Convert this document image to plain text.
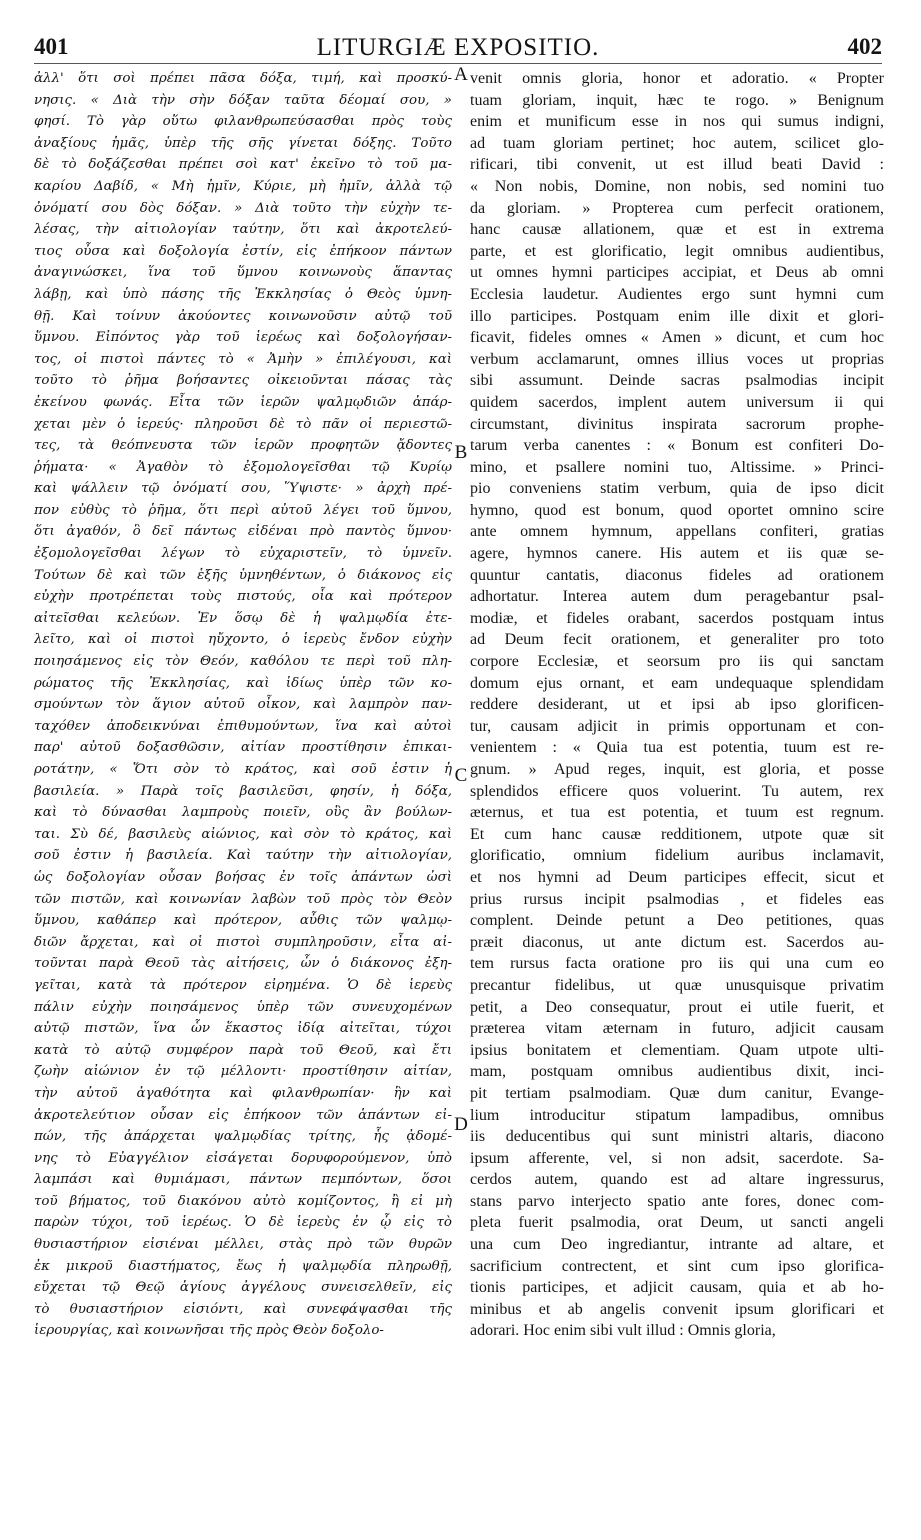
401	LITURGIÆ EXPOSITIO.	402
ἀλλ' ὅτι σοὶ πρέπει πᾶσα δόξα, τιμή, καὶ προσκύ-
νησις. « Διὰ τὴν σὴν δόξαν ταῦτα δέομαί σου, »
φησί. Τὸ γὰρ οὕτω φιλανθρωπεύσασθαι πρὸς τοὺς
ἀναξίους ἡμᾶς, ὑπὲρ τῆς σῆς γίνεται δόξης. Τοῦτο
δὲ τὸ δοξάζεσθαι πρέπει σοὶ κατ' ἐκεῖνο τὸ τοῦ μα-
καρίου Δαβίδ, « Μὴ ἡμῖν, Κύριε, μὴ ἡμῖν, ἀλλὰ τῷ
ὀνόματί σου δὸς δόξαν. » Διὰ τοῦτο τὴν εὐχὴν τε-
λέσας, τὴν αἰτιολογίαν ταύτην, ὅτι καὶ ἀκροτελεύ-
τιος οὖσα καὶ δοξολογία ἐστίν, εἰς ἐπήκοον πάντων
ἀναγινώσκει, ἵνα τοῦ ὕμνου κοινωνοὺς ἅπαντας
λάβῃ, καὶ ὑπὸ πάσης τῆς Ἐκκλησίας ὁ Θεὸς ὑμνη-
θῇ. Καὶ τοίνυν ἀκούοντες κοινωνοῦσιν αὐτῷ τοῦ
ὕμνου. Εἰπόντος γὰρ τοῦ ἱερέως καὶ δοξολογήσαν-
τος, οἱ πιστοὶ πάντες τὸ « Ἀμὴν » ἐπιλέγουσι, καὶ
τοῦτο τὸ ῥῆμα βοήσαντες οἰκειοῦνται πάσας τὰς
ἐκείνου φωνάς. Εἶτα τῶν ἱερῶν ψαλμῳδιῶν ἀπάρ-
χεται μὲν ὁ ἱερεύς· πληροῦσι δὲ τὸ πᾶν οἱ περιεστῶ-
τες, τὰ θεόπνευστα τῶν ἱερῶν προφητῶν ᾄδοντες
ῥήματα· « Ἀγαθὸν τὸ ἐξομολογεῖσθαι τῷ Κυρίῳ
καὶ ψάλλειν τῷ ὀνόματί σου, Ὕψιστε· » ἀρχὴ πρέ-
πον εὐθὺς τὸ ῥῆμα, ὅτι περὶ αὐτοῦ λέγει τοῦ ὕμνου,
ὅτι ἀγαθόν, ὃ δεῖ πάντως εἰδέναι πρὸ παντὸς ὕμνου·
ἐξομολογεῖσθαι λέγων τὸ εὐχαριστεῖν, τὸ ὑμνεῖν.
Τούτων δὲ καὶ τῶν ἑξῆς ὑμνηθέντων, ὁ διάκονος εἰς
εὐχὴν προτρέπεται τοὺς πιστούς, οἷα καὶ πρότερον
αἰτεῖσθαι κελεύων. Ἐν ὅσῳ δὲ ἡ ψαλμῳδία ἐτε-
λεῖτο, καὶ οἱ πιστοὶ ηὔχοντο, ὁ ἱερεὺς ἔνδον εὐχὴν
ποιησάμενος εἰς τὸν Θεόν, καθόλου τε περὶ τοῦ πλη-
ρώματος τῆς Ἐκκλησίας, καὶ ἰδίως ὑπὲρ τῶν κο-
σμούντων τὸν ἅγιον αὐτοῦ οἶκον, καὶ λαμπρὸν παν-
ταχόθεν ἀποδεικνύναι ἐπιθυμούντων, ἵνα καὶ αὐτοὶ
παρ' αὐτοῦ δοξασθῶσιν, αἰτίαν προστίθησιν ἐπικαι-
ροτάτην, « Ὅτι σὸν τὸ κράτος, καὶ σοῦ ἐστιν ἡ
βασιλεία. » Παρὰ τοῖς βασιλεῦσι, φησίν, ἡ δόξα,
καὶ τὸ δύνασθαι λαμπροὺς ποιεῖν, οὓς ἂν βούλων-
ται. Σὺ δέ, βασιλεὺς αἰώνιος, καὶ σὸν τὸ κράτος, καὶ
σοῦ ἐστιν ἡ βασιλεία. Καὶ ταύτην τὴν αἰτιολογίαν,
ὡς δοξολογίαν οὖσαν βοήσας ἐν τοῖς ἁπάντων ὠσὶ
τῶν πιστῶν, καὶ κοινωνίαν λαβὼν τοῦ πρὸς τὸν Θεὸν
ὕμνου, καθάπερ καὶ πρότερον, αὖθις τῶν ψαλμῳ-
διῶν ἄρχεται, καὶ οἱ πιστοὶ συμπληροῦσιν, εἶτα αἰ-
τοῦνται παρὰ Θεοῦ τὰς αἰτήσεις, ὧν ὁ διάκονος ἐξη-
γεῖται, κατὰ τὰ πρότερον εἰρημένα. Ὁ δὲ ἱερεὺς
πάλιν εὐχὴν ποιησάμενος ὑπὲρ τῶν συνευχομένων
αὐτῷ πιστῶν, ἵνα ὧν ἕκαστος ἰδίᾳ αἰτεῖται, τύχοι
κατὰ τὸ αὐτῷ συμφέρον παρὰ τοῦ Θεοῦ, καὶ ἔτι
ζωὴν αἰώνιον ἐν τῷ μέλλοντι· προστίθησιν αἰτίαν,
τὴν αὐτοῦ ἀγαθότητα καὶ φιλανθρωπίαν· ἣν καὶ
ἀκροτελεύτιον οὖσαν εἰς ἐπήκοον τῶν ἁπάντων εἰ-
πών, τῆς ἀπάρχεται ψαλμῳδίας τρίτης, ἧς ᾀδομέ-
νης τὸ Εὐαγγέλιον εἰσάγεται δορυφορούμενον, ὑπὸ
λαμπάσι καὶ θυμιάμασι, πάντων πεμπόντων, ὅσοι
τοῦ βήματος, τοῦ διακόνου αὐτὸ κομίζοντος, ἢ εἰ μὴ
παρὼν τύχοι, τοῦ ἱερέως. Ὁ δὲ ἱερεὺς ἐν ᾧ εἰς τὸ
θυσιαστήριον εἰσιέναι μέλλει, στὰς πρὸ τῶν θυρῶν
ἐκ μικροῦ διαστήματος, ἕως ἡ ψαλμῳδία πληρωθῇ,
εὔχεται τῷ Θεῷ ἁγίους ἀγγέλους συνεισελθεῖν, εἰς
τὸ θυσιαστήριον εἰσιόντι, καὶ συνεφάψασθαι τῆς
ἱερουργίας, καὶ κοινωνῆσαι τῆς πρὸς Θεὸν δοξολο-
venit omnis gloria, honor et adoratio. « Propter
tuam gloriam, inquit, hæc te rogo. » Benignum
enim et munificum esse in nos qui sumus indigni,
ad tuam gloriam pertinet; hoc autem, scilicet glo-
rificari, tibi convenit, ut est illud beati David :
« Non nobis, Domine, non nobis, sed nomini tuo
da gloriam. » Propterea cum perfecit orationem,
hanc causæ allationem, quæ et est in extrema
parte, et est glorificatio, legit omnibus audientibus,
ut omnes hymni participes accipiat, et Deus ab omni
Ecclesia laudetur. Audientes ergo sunt hymni cum
illo participes. Postquam enim ille dixit et glori-
ficavit, fideles omnes « Amen » dicunt, et cum hoc
verbum acclamarunt, omnes illius voces ut proprias
sibi assumunt. Deinde sacras psalmodias incipit
quidem sacerdos, implent autem universum ii qui
circumstant, divinitus inspirata sacrorum prophe-
tarum verba canentes : « Bonum est confiteri Do-
mino, et psallere nomini tuo, Altissime. » Princi-
pio conveniens statim verbum, quia de ipso dicit
hymno, quod est bonum, quod oportet omnino scire
ante omnem hymnum, appellans confiteri, gratias
agere, hymnos canere. His autem et iis quæ se-
quuntur cantatis, diaconus fideles ad orationem
adhortatur. Interea autem dum peragebantur psal-
modiæ, et fideles orabant, sacerdos postquam intus
ad Deum fecit orationem, et generaliter pro toto
corpore Ecclesiæ, et seorsum pro iis qui sanctam
domum ejus ornant, et eam undequaque splendidam
reddere desiderant, ut et ipsi ab ipso glorificen-
tur, causam adjicit in primis opportunam et con-
venientem : « Quia tua est potentia, tuum est re-
gnum. » Apud reges, inquit, est gloria, et posse
splendidos efficere quos voluerint. Tu autem, rex
æternus, et tua est potentia, et tuum est regnum.
Et cum hanc causæ redditionem, utpote quæ sit
glorificatio, omnium fidelium auribus inclamavit,
et nos hymni ad Deum participes effecit, sicut et
prius rursus incipit psalmodias , et fideles eas
complent. Deinde petunt a Deo petitiones, quas
præit diaconus, ut ante dictum est. Sacerdos au-
tem rursus facta oratione pro iis qui una cum eo
precantur fidelibus, ut quæ unusquisque privatim
petit, a Deo consequatur, prout ei utile fuerit, et
præterea vitam æternam in futuro, adjicit causam
ipsius bonitatem et clementiam. Quam utpote ulti-
mam, postquam omnibus audientibus dixit, inci-
pit tertiam psalmodiam. Quæ dum canitur, Evange-
lium introducitur stipatum lampadibus, omnibus
iis deducentibus qui sunt ministri altaris, diacono
ipsum afferente, vel, si non adsit, sacerdote. Sa-
cerdos autem, quando est ad altare ingressurus,
stans parvo interjecto spatio ante fores, donec com-
pleta fuerit psalmodia, orat Deum, ut sancti angeli
una cum Deo ingrediantur, intrante ad altare, et
sacrificium contrectent, et sint cum ipso glorifica-
tionis participes, et adjicit causam, quia et ab ho-
minibus et ab angelis convenit ipsum glorificari et
adorari. Hoc enim sibi vult illud : Omnis gloria,
A
B
C
D
